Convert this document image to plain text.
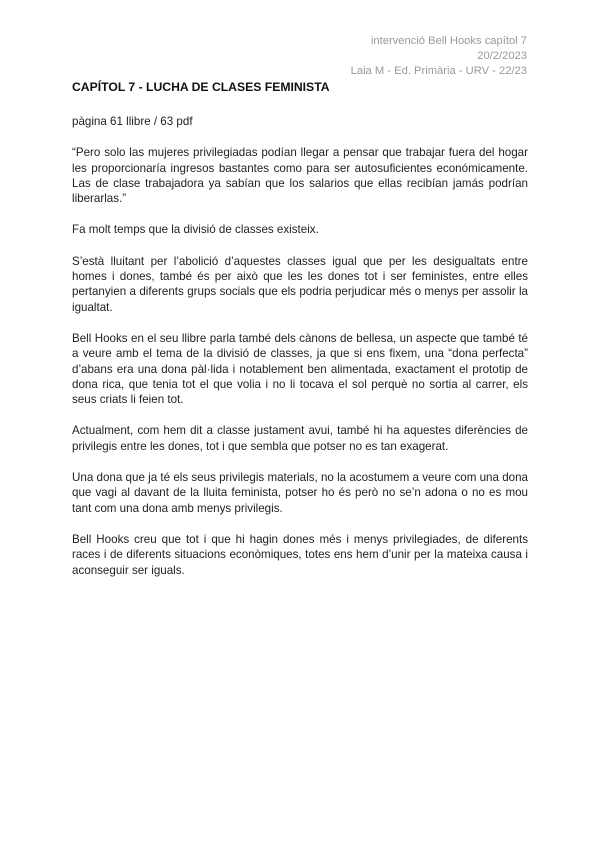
intervenció Bell Hooks capítol 7
20/2/2023
Laia M - Ed. Primària - URV - 22/23
CAPÍTOL 7 - LUCHA DE CLASES FEMINISTA

pàgina 61 llibre / 63 pdf

“Pero solo las mujeres privilegiadas podían llegar a pensar que trabajar fuera del hogar les proporcionaría ingresos bastantes como para ser autosuficientes económicamente. Las de clase trabajadora ya sabían que los salarios que ellas recibían jamás podrían liberarlas.”

Fa molt temps que la divisió de classes existeix.

S’està lluitant per l’abolició d’aquestes classes igual que per les desigualtats entre homes i dones, també és per això que les les dones tot i ser feministes, entre elles pertanyien a diferents grups socials que els podria perjudicar més o menys per assolir la igualtat.

Bell Hooks en el seu llibre parla també dels cànons de bellesa, un aspecte que també té a veure amb el tema de la divisió de classes, ja que si ens fixem, una “dona perfecta” d’abans era una dona pàl·lida i notablement ben alimentada, exactament el prototip de dona rica, que tenia tot el que volia i no li tocava el sol perquè no sortia al carrer, els seus criats li feien tot.

Actualment, com hem dit a classe justament avui, també hi ha aquestes diferències de privilegis entre les dones, tot i que sembla que potser no es tan exagerat.

Una dona que ja té els seus privilegis materials, no la acostumem a veure com una dona que vagi al davant de la lluita feminista, potser ho és però no se’n adona o no es mou tant com una dona amb menys privilegis.

Bell Hooks creu que tot i que hi hagin dones més i menys privilegiades, de diferents races i de diferents situacions econòmiques, totes ens hem d’unir per la mateixa causa i aconseguir ser iguals.
